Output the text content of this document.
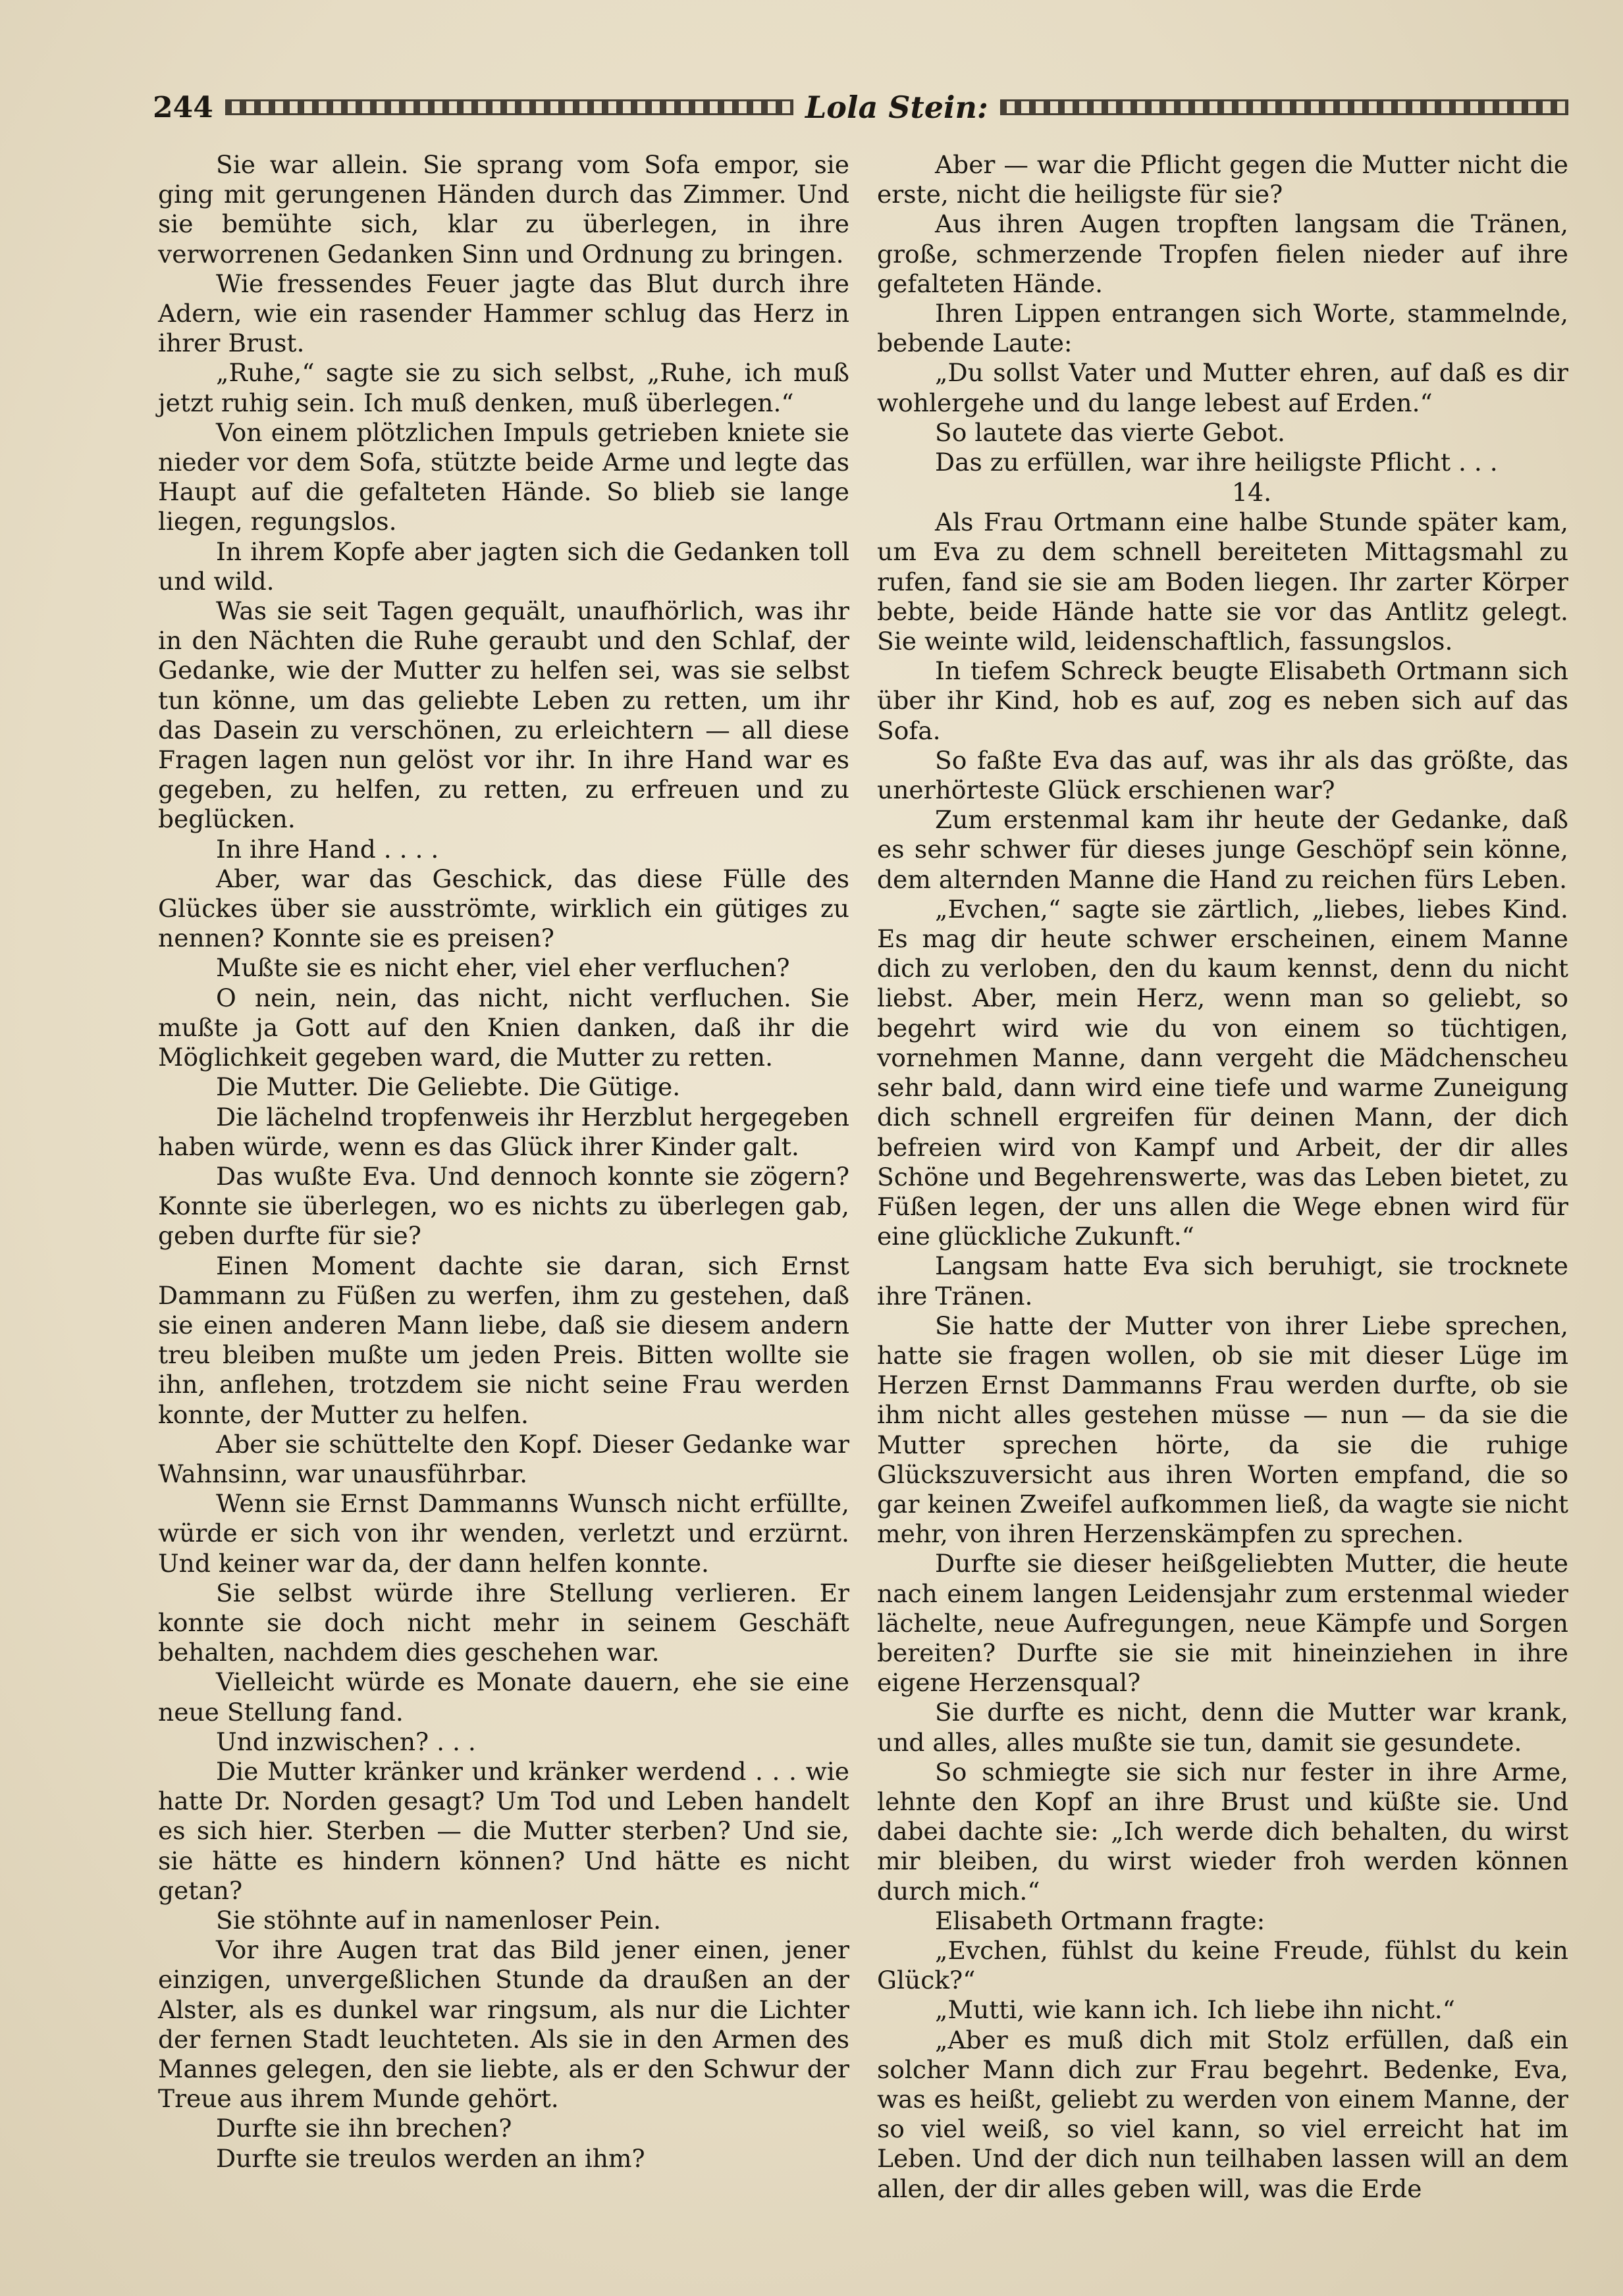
244	Lola Stein:

Sie war allein. Sie sprang vom Sofa empor, sie ging mit gerungenen Händen durch das Zimmer. Und sie bemühte sich, klar zu überlegen, in ihre verworrenen Gedanken Sinn und Ordnung zu bringen.

Wie fressendes Feuer jagte das Blut durch ihre Adern, wie ein rasender Hammer schlug das Herz in ihrer Brust.

„Ruhe,“ sagte sie zu sich selbst, „Ruhe, ich muß jetzt ruhig sein. Ich muß denken, muß überlegen.“

Von einem plötzlichen Impuls getrieben kniete sie nieder vor dem Sofa, stützte beide Arme und legte das Haupt auf die gefalteten Hände. So blieb sie lange liegen, regungslos.

In ihrem Kopfe aber jagten sich die Gedanken toll und wild.

Was sie seit Tagen gequält, unaufhörlich, was ihr in den Nächten die Ruhe geraubt und den Schlaf, der Gedanke, wie der Mutter zu helfen sei, was sie selbst tun könne, um das geliebte Leben zu retten, um ihr das Dasein zu verschönen, zu erleichtern — all diese Fragen lagen nun gelöst vor ihr. In ihre Hand war es gegeben, zu helfen, zu retten, zu erfreuen und zu beglücken.

In ihre Hand . . . .

Aber, war das Geschick, das diese Fülle des Glückes über sie ausströmte, wirklich ein gütiges zu nennen? Konnte sie es preisen?

Mußte sie es nicht eher, viel eher verfluchen?

O nein, nein, das nicht, nicht verfluchen. Sie mußte ja Gott auf den Knien danken, daß ihr die Möglichkeit gegeben ward, die Mutter zu retten.

Die Mutter. Die Geliebte. Die Gütige.

Die lächelnd tropfenweis ihr Herzblut hergegeben haben würde, wenn es das Glück ihrer Kinder galt.

Das wußte Eva. Und dennoch konnte sie zögern? Konnte sie überlegen, wo es nichts zu überlegen gab, geben durfte für sie?

Einen Moment dachte sie daran, sich Ernst Dammann zu Füßen zu werfen, ihm zu gestehen, daß sie einen anderen Mann liebe, daß sie diesem andern treu bleiben mußte um jeden Preis. Bitten wollte sie ihn, anflehen, trotzdem sie nicht seine Frau werden konnte, der Mutter zu helfen.

Aber sie schüttelte den Kopf. Dieser Gedanke war Wahnsinn, war unausführbar.

Wenn sie Ernst Dammanns Wunsch nicht erfüllte, würde er sich von ihr wenden, verletzt und erzürnt. Und keiner war da, der dann helfen konnte.

Sie selbst würde ihre Stellung verlieren. Er konnte sie doch nicht mehr in seinem Geschäft behalten, nachdem dies geschehen war.

Vielleicht würde es Monate dauern, ehe sie eine neue Stellung fand.

Und inzwischen? . . .

Die Mutter kränker und kränker werdend . . . wie hatte Dr. Norden gesagt? Um Tod und Leben handelt es sich hier. Sterben — die Mutter sterben? Und sie, sie hätte es hindern können? Und hätte es nicht getan?

Sie stöhnte auf in namenloser Pein.

Vor ihre Augen trat das Bild jener einen, jener einzigen, unvergeßlichen Stunde da draußen an der Alster, als es dunkel war ringsum, als nur die Lichter der fernen Stadt leuchteten. Als sie in den Armen des Mannes gelegen, den sie liebte, als er den Schwur der Treue aus ihrem Munde gehört.

Durfte sie ihn brechen?

Durfte sie treulos werden an ihm?

Aber — war die Pflicht gegen die Mutter nicht die erste, nicht die heiligste für sie?

Aus ihren Augen tropften langsam die Tränen, große, schmerzende Tropfen fielen nieder auf ihre gefalteten Hände.

Ihren Lippen entrangen sich Worte, stammelnde, bebende Laute:

„Du sollst Vater und Mutter ehren, auf daß es dir wohlergehe und du lange lebest auf Erden.“

So lautete das vierte Gebot.

Das zu erfüllen, war ihre heiligste Pflicht . . .

14.

Als Frau Ortmann eine halbe Stunde später kam, um Eva zu dem schnell bereiteten Mittagsmahl zu rufen, fand sie sie am Boden liegen. Ihr zarter Körper bebte, beide Hände hatte sie vor das Antlitz gelegt. Sie weinte wild, leidenschaftlich, fassungslos.

In tiefem Schreck beugte Elisabeth Ortmann sich über ihr Kind, hob es auf, zog es neben sich auf das Sofa.

So faßte Eva das auf, was ihr als das größte, das unerhörteste Glück erschienen war?

Zum erstenmal kam ihr heute der Gedanke, daß es sehr schwer für dieses junge Geschöpf sein könne, dem alternden Manne die Hand zu reichen fürs Leben.

„Evchen,“ sagte sie zärtlich, „liebes, liebes Kind. Es mag dir heute schwer erscheinen, einem Manne dich zu verloben, den du kaum kennst, denn du nicht liebst. Aber, mein Herz, wenn man so geliebt, so begehrt wird wie du von einem so tüchtigen, vornehmen Manne, dann vergeht die Mädchenscheu sehr bald, dann wird eine tiefe und warme Zuneigung dich schnell ergreifen für deinen Mann, der dich befreien wird von Kampf und Arbeit, der dir alles Schöne und Begehrenswerte, was das Leben bietet, zu Füßen legen, der uns allen die Wege ebnen wird für eine glückliche Zukunft.“

Langsam hatte Eva sich beruhigt, sie trocknete ihre Tränen.

Sie hatte der Mutter von ihrer Liebe sprechen, hatte sie fragen wollen, ob sie mit dieser Lüge im Herzen Ernst Dammanns Frau werden durfte, ob sie ihm nicht alles gestehen müsse — nun — da sie die Mutter sprechen hörte, da sie die ruhige Glückszuversicht aus ihren Worten empfand, die so gar keinen Zweifel aufkommen ließ, da wagte sie nicht mehr, von ihren Herzenskämpfen zu sprechen.

Durfte sie dieser heißgeliebten Mutter, die heute nach einem langen Leidensjahr zum erstenmal wieder lächelte, neue Aufregungen, neue Kämpfe und Sorgen bereiten? Durfte sie sie mit hineinziehen in ihre eigene Herzensqual?

Sie durfte es nicht, denn die Mutter war krank, und alles, alles mußte sie tun, damit sie gesundete.

So schmiegte sie sich nur fester in ihre Arme, lehnte den Kopf an ihre Brust und küßte sie. Und dabei dachte sie: „Ich werde dich behalten, du wirst mir bleiben, du wirst wieder froh werden können durch mich.“

Elisabeth Ortmann fragte:

„Evchen, fühlst du keine Freude, fühlst du kein Glück?“

„Mutti, wie kann ich. Ich liebe ihn nicht.“

„Aber es muß dich mit Stolz erfüllen, daß ein solcher Mann dich zur Frau begehrt. Bedenke, Eva, was es heißt, geliebt zu werden von einem Manne, der so viel weiß, so viel kann, so viel erreicht hat im Leben. Und der dich nun teilhaben lassen will an dem allen, der dir alles geben will, was die Erde
